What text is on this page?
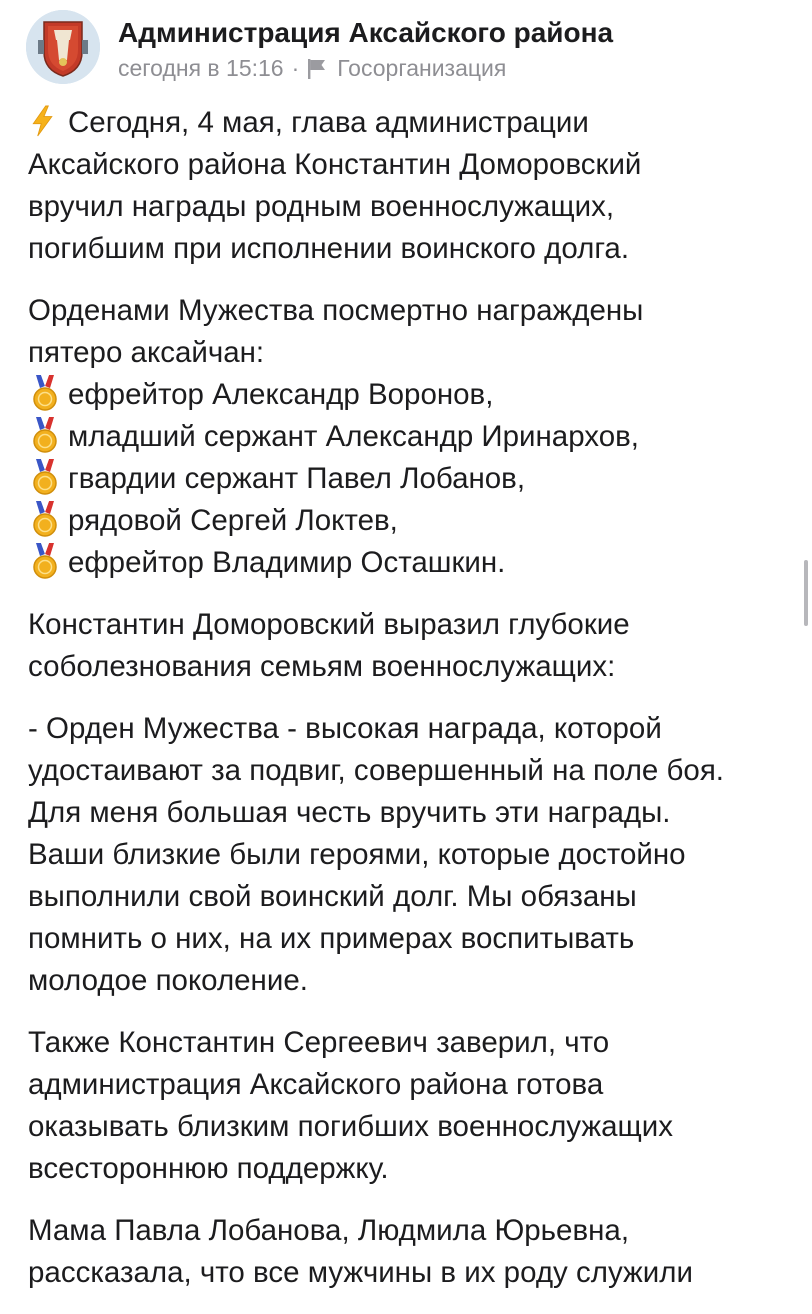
Администрация Аксайского района
сегодня в 15:16 · Госорганизация

Сегодня, 4 мая, глава администрации
Аксайского района Константин Доморовский
вручил награды родным военнослужащих,
погибшим при исполнении воинского долга.

Орденами Мужества посмертно награждены
пятеро аксайчан:
ефрейтор Александр Воронов,
младший сержант Александр Иринархов,
гвардии сержант Павел Лобанов,
рядовой Сергей Локтев,
ефрейтор Владимир Осташкин.

Константин Доморовский выразил глубокие
соболезнования семьям военнослужащих:

- Орден Мужества - высокая награда, которой
удостаивают за подвиг, совершенный на поле боя.
Для меня большая честь вручить эти награды.
Ваши близкие были героями, которые достойно
выполнили свой воинский долг. Мы обязаны
помнить о них, на их примерах воспитывать
молодое поколение.

Также Константин Сергеевич заверил, что
администрация Аксайского района готова
оказывать близким погибших военнослужащих
всестороннюю поддержку.

Мама Павла Лобанова, Людмила Юрьевна,
рассказала, что все мужчины в их роду служили
